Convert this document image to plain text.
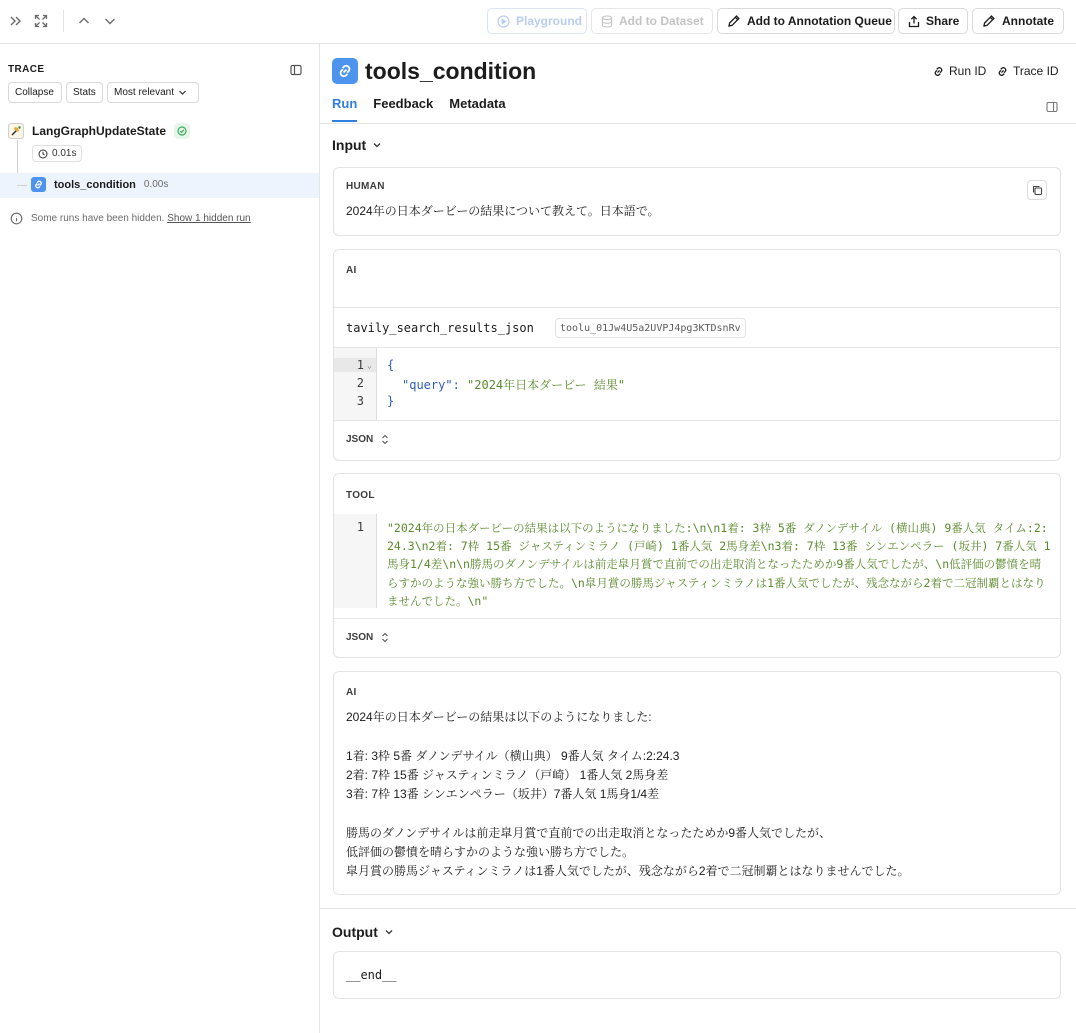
Playground	Add to Dataset	Add to Annotation Queue	Share	Annotate
TRACE
Collapse Stats Most relevant
LangGraphUpdateState
0.01s
tools_condition 0.00s
Some runs have been hidden. Show 1 hidden run
tools_condition	Run ID Trace ID
Run Feedback Metadata
Input
HUMAN
2024年の日本ダービーの結果について教えて。日本語で。
AI
tavily_search_results_json	toolu_01Jw4U5a2UVPJ4pg3KTDsnRv
1 ⌄
2
3
{
"query": "2024年日本ダービー 結果"
}
JSON
TOOL
1 "2024年の日本ダービーの結果は以下のようになりました:\n\n1着: 3枠 5番 ダノンデサイル (横山典) 9番人気 タイム:2:24.3\n2着: 7枠 15番 ジャスティンミラノ (戸崎) 1番人気 2馬身差\n3着: 7枠 13番 シンエンペラー (坂井) 7番人気 1馬身1/4差\n\n勝馬のダノンデサイルは前走皐月賞で直前での出走取消となったためか9番人気でしたが、\n低評価の鬱憤を晴らすかのような強い勝ち方でした。\n皐月賞の勝馬ジャスティンミラノは1番人気でしたが、残念ながら2着で二冠制覇とはなりませんでした。\n"
JSON
AI
2024年の日本ダービーの結果は以下のようになりました:
1着: 3枠 5番 ダノンデサイル（横山典） 9番人気 タイム:2:24.3
2着: 7枠 15番 ジャスティンミラノ（戸崎） 1番人気 2馬身差
3着: 7枠 13番 シンエンペラー（坂井）7番人気 1馬身1/4差
勝馬のダノンデサイルは前走皐月賞で直前での出走取消となったためか9番人気でしたが、
低評価の鬱憤を晴らすかのような強い勝ち方でした。
皐月賞の勝馬ジャスティンミラノは1番人気でしたが、残念ながら2着で二冠制覇とはなりませんでした。
Output
__end__
